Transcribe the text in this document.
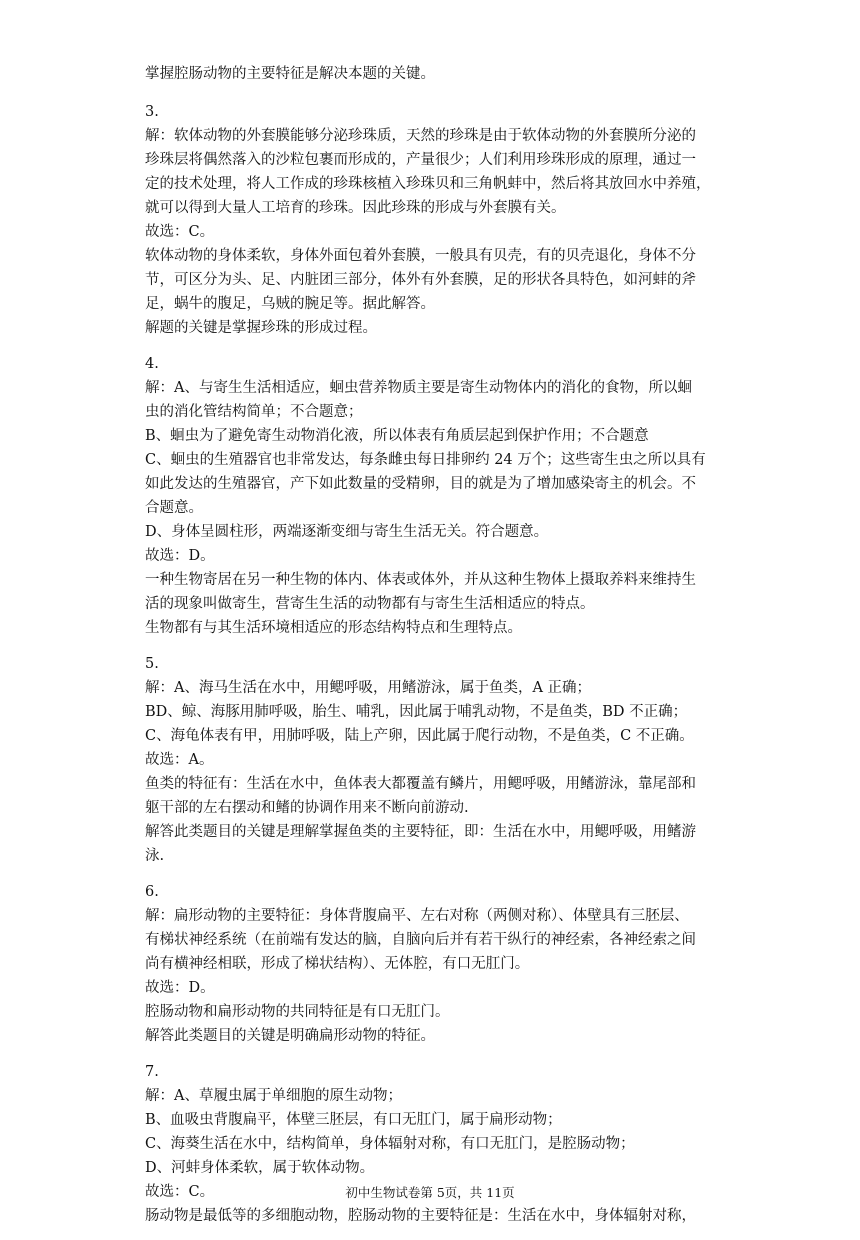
掌握腔肠动物的主要特征是解决本题的关键。
3.
解：软体动物的外套膜能够分泌珍珠质，天然的珍珠是由于软体动物的外套膜所分泌的
珍珠层将偶然落入的沙粒包裹而形成的，产量很少；人们利用珍珠形成的原理，通过一
定的技术处理，将人工作成的珍珠核植入珍珠贝和三角帆蚌中，然后将其放回水中养殖，
就可以得到大量人工培育的珍珠。因此珍珠的形成与外套膜有关。
故选：C。
软体动物的身体柔软，身体外面包着外套膜，一般具有贝壳，有的贝壳退化，身体不分
节，可区分为头、足、内脏团三部分，体外有外套膜，足的形状各具特色，如河蚌的斧
足，蜗牛的腹足，乌贼的腕足等。据此解答。
解题的关键是掌握珍珠的形成过程。
4.
解：A、与寄生生活相适应，蛔虫营养物质主要是寄生动物体内的消化的食物，所以蛔
虫的消化管结构简单；不合题意；
B、蛔虫为了避免寄生动物消化液，所以体表有角质层起到保护作用；不合题意
C、蛔虫的生殖器官也非常发达，每条雌虫每日排卵约 24 万个；这些寄生虫之所以具有
如此发达的生殖器官，产下如此数量的受精卵，目的就是为了增加感染寄主的机会。不
合题意。
D、身体呈圆柱形，两端逐渐变细与寄生生活无关。符合题意。
故选：D。
一种生物寄居在另一种生物的体内、体表或体外，并从这种生物体上摄取养料来维持生
活的现象叫做寄生，营寄生生活的动物都有与寄生生活相适应的特点。
生物都有与其生活环境相适应的形态结构特点和生理特点。
5.
解：A、海马生活在水中，用鳃呼吸，用鳍游泳，属于鱼类，A 正确；
BD、鲸、海豚用肺呼吸，胎生、哺乳，因此属于哺乳动物，不是鱼类，BD 不正确；
C、海龟体表有甲，用肺呼吸，陆上产卵，因此属于爬行动物，不是鱼类，C 不正确。
故选：A。
鱼类的特征有：生活在水中，鱼体表大都覆盖有鳞片，用鳃呼吸，用鳍游泳，靠尾部和
躯干部的左右摆动和鳍的协调作用来不断向前游动.
解答此类题目的关键是理解掌握鱼类的主要特征，即：生活在水中，用鳃呼吸，用鳍游
泳.
6.
解：扁形动物的主要特征：身体背腹扁平、左右对称（两侧对称）、体壁具有三胚层、
有梯状神经系统（在前端有发达的脑，自脑向后并有若干纵行的神经索，各神经索之间
尚有横神经相联，形成了梯状结构）、无体腔，有口无肛门。
故选：D。
腔肠动物和扁形动物的共同特征是有口无肛门。
解答此类题目的关键是明确扁形动物的特征。
7.
解：A、草履虫属于单细胞的原生动物；
B、血吸虫背腹扁平，体壁三胚层，有口无肛门，属于扁形动物；
C、海葵生活在水中，结构简单，身体辐射对称，有口无肛门，是腔肠动物；
D、河蚌身体柔软，属于软体动物。
故选：C。
肠动物是最低等的多细胞动物，腔肠动物的主要特征是：生活在水中，身体辐射对称，
初中生物试卷第 5页，共 11页
